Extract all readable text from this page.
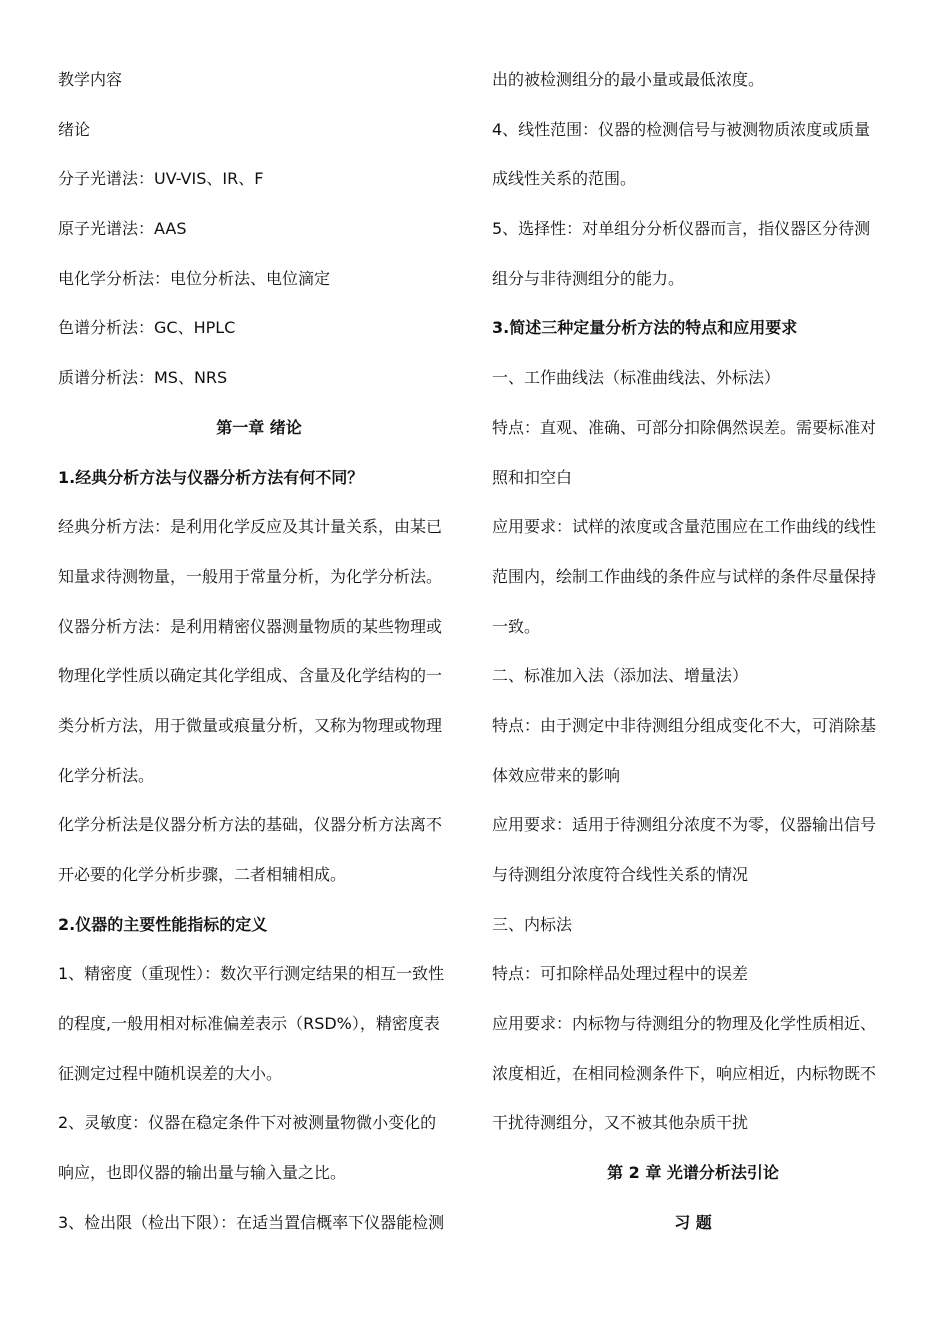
教学内容
绪论
分子光谱法：UV-VIS、IR、F
原子光谱法：AAS
电化学分析法：电位分析法、电位滴定
色谱分析法：GC、HPLC
质谱分析法：MS、NRS
第一章 绪论
1.经典分析方法与仪器分析方法有何不同？
经典分析方法：是利用化学反应及其计量关系，由某已
知量求待测物量，一般用于常量分析，为化学分析法。
仪器分析方法：是利用精密仪器测量物质的某些物理或
物理化学性质以确定其化学组成、含量及化学结构的一
类分析方法，用于微量或痕量分析，又称为物理或物理
化学分析法。
化学分析法是仪器分析方法的基础，仪器分析方法离不
开必要的化学分析步骤，二者相辅相成。
2.仪器的主要性能指标的定义
1、精密度（重现性）：数次平行测定结果的相互一致性
的程度,一般用相对标准偏差表示（RSD%），精密度表
征测定过程中随机误差的大小。
2、灵敏度：仪器在稳定条件下对被测量物微小变化的
响应，也即仪器的输出量与输入量之比。
3、检出限（检出下限）：在适当置信概率下仪器能检测
出的被检测组分的最小量或最低浓度。
4、线性范围：仪器的检测信号与被测物质浓度或质量
成线性关系的范围。
5、选择性：对单组分分析仪器而言，指仪器区分待测
组分与非待测组分的能力。
3.简述三种定量分析方法的特点和应用要求
一、工作曲线法（标准曲线法、外标法）
特点：直观、准确、可部分扣除偶然误差。需要标准对
照和扣空白
应用要求：试样的浓度或含量范围应在工作曲线的线性
范围内，绘制工作曲线的条件应与试样的条件尽量保持
一致。
二、标准加入法（添加法、增量法）
特点：由于测定中非待测组分组成变化不大，可消除基
体效应带来的影响
应用要求：适用于待测组分浓度不为零，仪器输出信号
与待测组分浓度符合线性关系的情况
三、内标法
特点：可扣除样品处理过程中的误差
应用要求：内标物与待测组分的物理及化学性质相近、
浓度相近，在相同检测条件下，响应相近，内标物既不
干扰待测组分，又不被其他杂质干扰
第 2 章 光谱分析法引论
习 题
